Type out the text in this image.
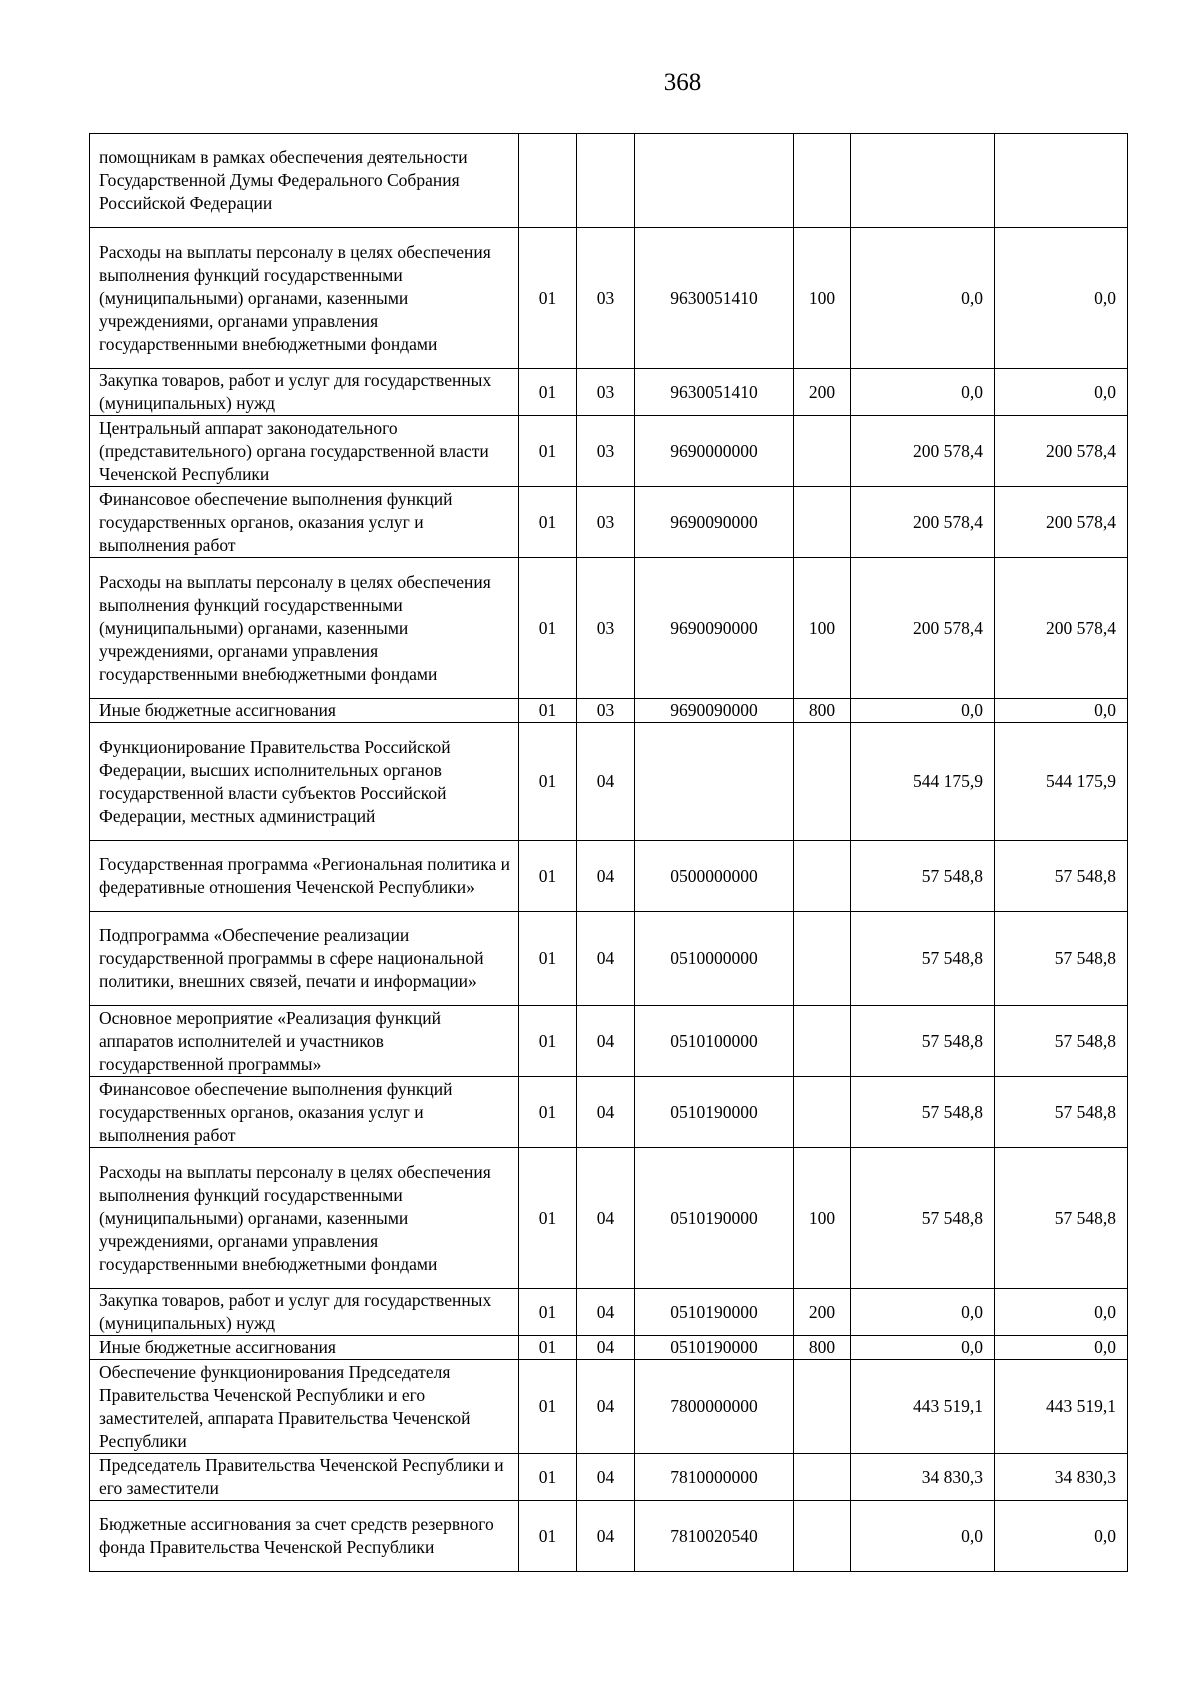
368
помощникам в рамках обеспечения деятельности Государственной Думы Федерального Собрания Российской Федерации						
Расходы на выплаты персоналу в целях обеспечения выполнения функций государственными (муниципальными) органами, казенными учреждениями, органами управления государственными внебюджетными фондами	01	03	9630051410	100	0,0	0,0
Закупка товаров, работ и услуг для государственных (муниципальных) нужд	01	03	9630051410	200	0,0	0,0
Центральный аппарат законодательного (представительного) органа государственной власти Чеченской Республики	01	03	9690000000		200 578,4	200 578,4
Финансовое обеспечение выполнения функций государственных органов, оказания услуг и выполнения работ	01	03	9690090000		200 578,4	200 578,4
Расходы на выплаты персоналу в целях обеспечения выполнения функций государственными (муниципальными) органами, казенными учреждениями, органами управления государственными внебюджетными фондами	01	03	9690090000	100	200 578,4	200 578,4
Иные бюджетные ассигнования	01	03	9690090000	800	0,0	0,0
Функционирование Правительства Российской Федерации, высших исполнительных органов государственной власти субъектов Российской Федерации, местных администраций	01	04			544 175,9	544 175,9
Государственная программа «Региональная политика и федеративные отношения Чеченской Республики»	01	04	0500000000		57 548,8	57 548,8
Подпрограмма «Обеспечение реализации государственной программы в сфере национальной политики, внешних связей, печати и информации»	01	04	0510000000		57 548,8	57 548,8
Основное мероприятие «Реализация функций аппаратов исполнителей и участников государственной программы»	01	04	0510100000		57 548,8	57 548,8
Финансовое обеспечение выполнения функций государственных органов, оказания услуг и выполнения работ	01	04	0510190000		57 548,8	57 548,8
Расходы на выплаты персоналу в целях обеспечения выполнения функций государственными (муниципальными) органами, казенными учреждениями, органами управления государственными внебюджетными фондами	01	04	0510190000	100	57 548,8	57 548,8
Закупка товаров, работ и услуг для государственных (муниципальных) нужд	01	04	0510190000	200	0,0	0,0
Иные бюджетные ассигнования	01	04	0510190000	800	0,0	0,0
Обеспечение функционирования Председателя Правительства Чеченской Республики и его заместителей, аппарата Правительства Чеченской Республики	01	04	7800000000		443 519,1	443 519,1
Председатель Правительства Чеченской Республики и его заместители	01	04	7810000000		34 830,3	34 830,3
Бюджетные ассигнования за счет средств резервного фонда Правительства Чеченской Республики	01	04	7810020540		0,0	0,0
